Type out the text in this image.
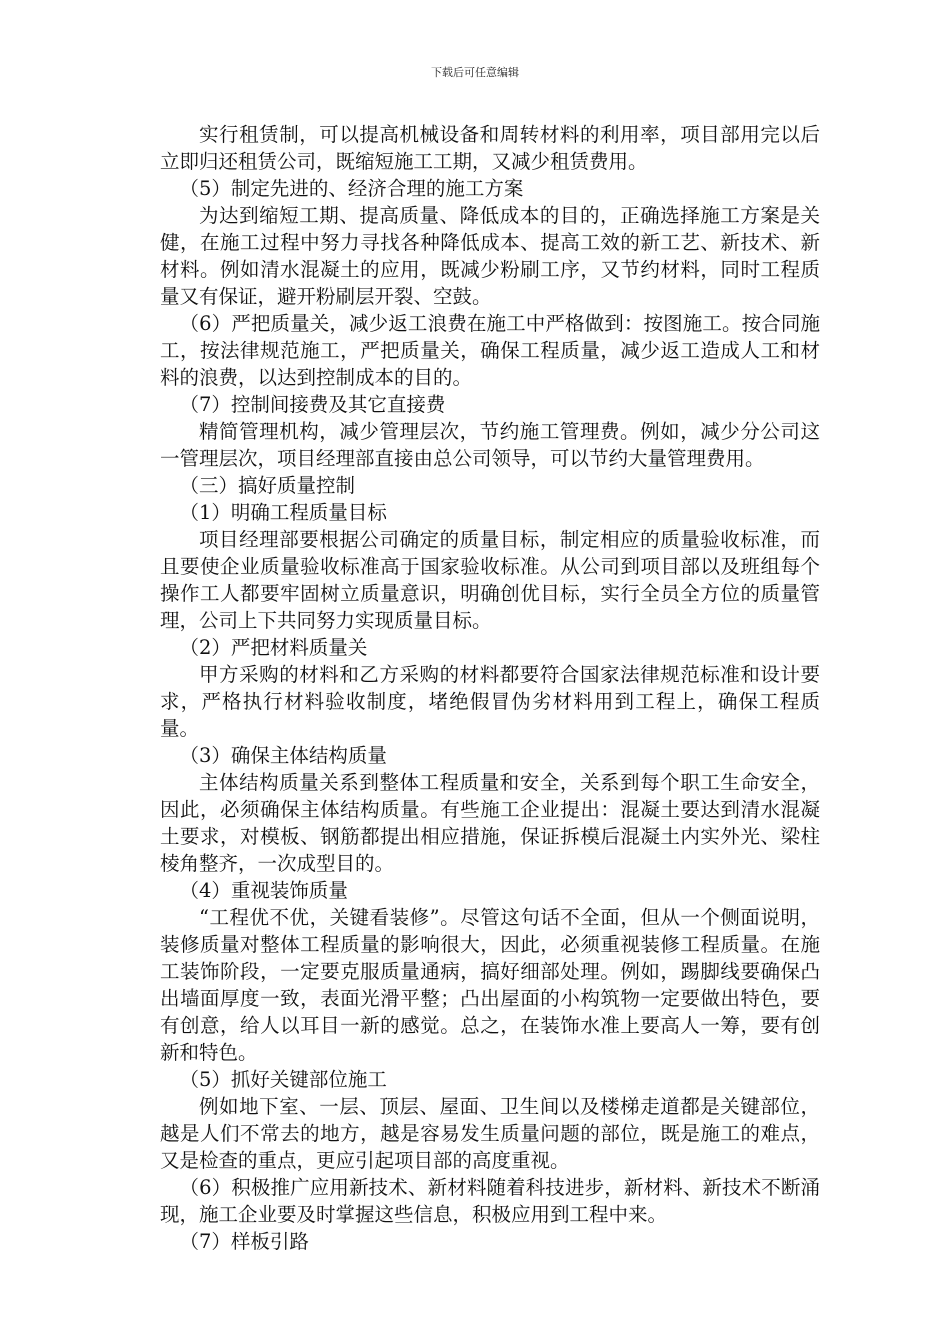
下载后可任意编辑

实行租赁制，可以提高机械设备和周转材料的利用率，项目部用完以后立即归还租赁公司，既缩短施工工期，又减少租赁费用。

（5）制定先进的、经济合理的施工方案

为达到缩短工期、提高质量、降低成本的目的，正确选择施工方案是关健，在施工过程中努力寻找各种降低成本、提高工效的新工艺、新技术、新材料。例如清水混凝土的应用，既减少粉刷工序，又节约材料，同时工程质量又有保证，避开粉刷层开裂、空鼓。

（6）严把质量关，减少返工浪费在施工中严格做到：按图施工。按合同施工，按法律规范施工，严把质量关，确保工程质量，减少返工造成人工和材料的浪费，以达到控制成本的目的。

（7）控制间接费及其它直接费

精简管理机构，减少管理层次，节约施工管理费。例如，减少分公司这一管理层次，项目经理部直接由总公司领导，可以节约大量管理费用。

（三）搞好质量控制

（1）明确工程质量目标

项目经理部要根据公司确定的质量目标，制定相应的质量验收标准，而且要使企业质量验收标准高于国家验收标准。从公司到项目部以及班组每个操作工人都要牢固树立质量意识，明确创优目标，实行全员全方位的质量管理，公司上下共同努力实现质量目标。

（2）严把材料质量关

甲方采购的材料和乙方采购的材料都要符合国家法律规范标准和设计要求，严格执行材料验收制度，堵绝假冒伪劣材料用到工程上，确保工程质量。

（3）确保主体结构质量

主体结构质量关系到整体工程质量和安全，关系到每个职工生命安全，因此，必须确保主体结构质量。有些施工企业提出：混凝土要达到清水混凝土要求，对模板、钢筋都提出相应措施，保证拆模后混凝土内实外光、梁柱棱角整齐，一次成型目的。

（4）重视装饰质量

“工程优不优，关键看装修”。尽管这句话不全面，但从一个侧面说明，装修质量对整体工程质量的影响很大，因此，必须重视装修工程质量。在施工装饰阶段，一定要克服质量通病，搞好细部处理。例如，踢脚线要确保凸出墙面厚度一致，表面光滑平整；凸出屋面的小构筑物一定要做出特色，要有创意，给人以耳目一新的感觉。总之，在装饰水准上要高人一筹，要有创新和特色。

（5）抓好关键部位施工

例如地下室、一层、顶层、屋面、卫生间以及楼梯走道都是关键部位，越是人们不常去的地方，越是容易发生质量问题的部位，既是施工的难点，又是检查的重点，更应引起项目部的高度重视。

（6）积极推广应用新技术、新材料随着科技进步，新材料、新技术不断涌现，施工企业要及时掌握这些信息，积极应用到工程中来。

（7）样板引路
